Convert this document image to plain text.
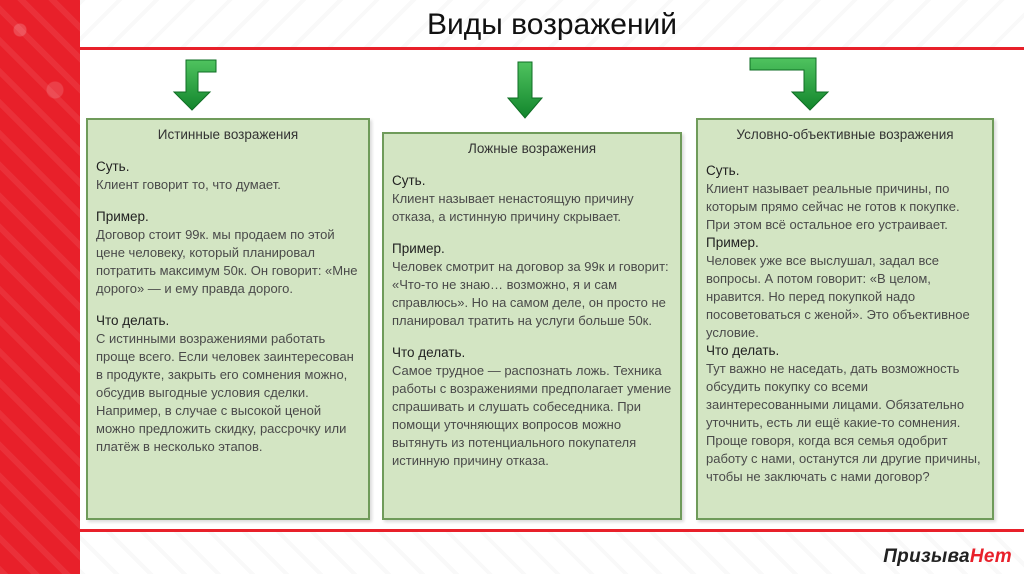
Виды возражений
Истинные возражения
Суть.
Клиент говорит то, что думает.
Пример.
Договор стоит 99к. мы продаем по этой цене человеку, который планировал потратить максимум 50к. Он говорит: «Мне дорого» — и ему правда дорого.
Что делать.
С истинными возражениями работать проще всего. Если человек заинтересован в продукте, закрыть его сомнения можно, обсудив выгодные условия сделки. Например, в случае с высокой ценой можно предложить скидку, рассрочку или платёж в несколько этапов.
Ложные возражения
Суть.
Клиент называет ненастоящую причину отказа, а истинную причину скрывает.
Пример.
Человек смотрит на договор за 99к и говорит: «Что-то не знаю… возможно, я и сам справлюсь». Но на самом деле, он просто не планировал тратить на услуги больше 50к.
Что делать.
Самое трудное — распознать ложь. Техника работы с возражениями предполагает умение спрашивать и слушать собеседника. При помощи уточняющих вопросов можно вытянуть из потенциального покупателя истинную причину отказа.
Условно-объективные возражения
Суть.
Клиент называет реальные причины, по которым прямо сейчас не готов к покупке. При этом всё остальное его устраивает.
Пример.
Человек уже все выслушал, задал все вопросы. А потом говорит: «В целом, нравится. Но перед покупкой надо посоветоваться с женой». Это объективное условие.
Что делать.
Тут важно не наседать, дать возможность обсудить покупку со всеми заинтересованными лицами. Обязательно уточнить, есть ли ещё какие-то сомнения. Проще говоря, когда вся семья одобрит работу с нами, останутся ли другие причины, чтобы не заключать с нами договор?
ПризываНет
